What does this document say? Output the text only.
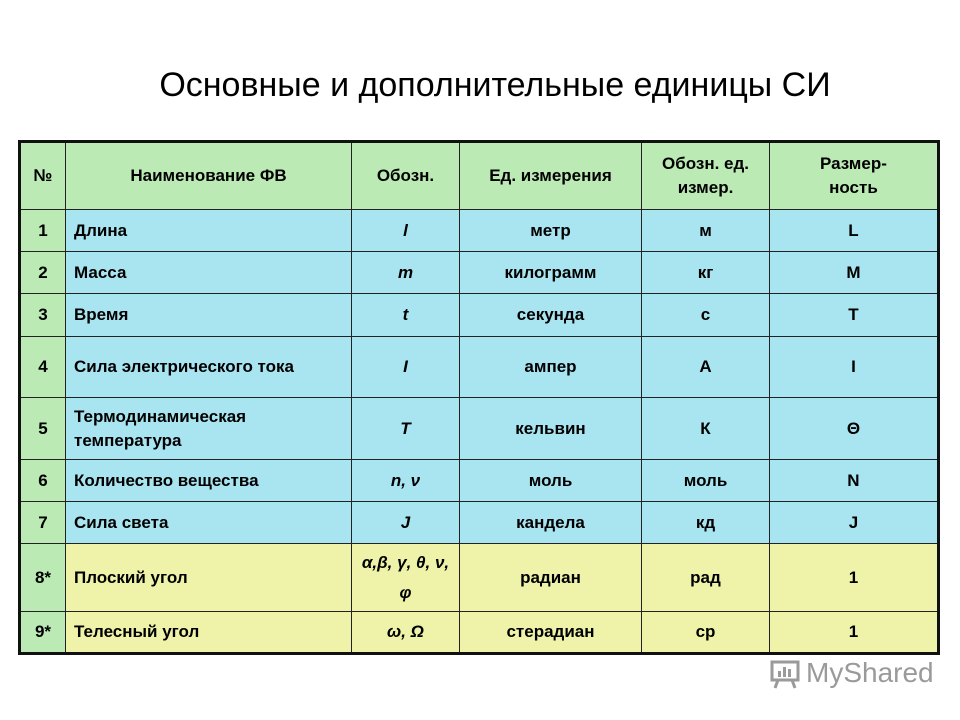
Основные и дополнительные единицы СИ
№	Наименование ФВ	Обозн.	Ед. измерения	Обозн. ед. измер.	Размер-ность
1	Длина	l	метр	м	L
2	Масса	m	килограмм	кг	M
3	Время	t	секунда	с	T
4	Сила электрического тока	I	ампер	А	I
5	Термодинамическая температура	T	кельвин	К	Θ
6	Количество вещества	n, ν	моль	моль	N
7	Сила света	J	кандела	кд	J
8*	Плоский угол	α,β, γ, θ, ν, φ	радиан	рад	1
9*	Телесный угол	ω, Ω	стерадиан	ср	1
MyShared
